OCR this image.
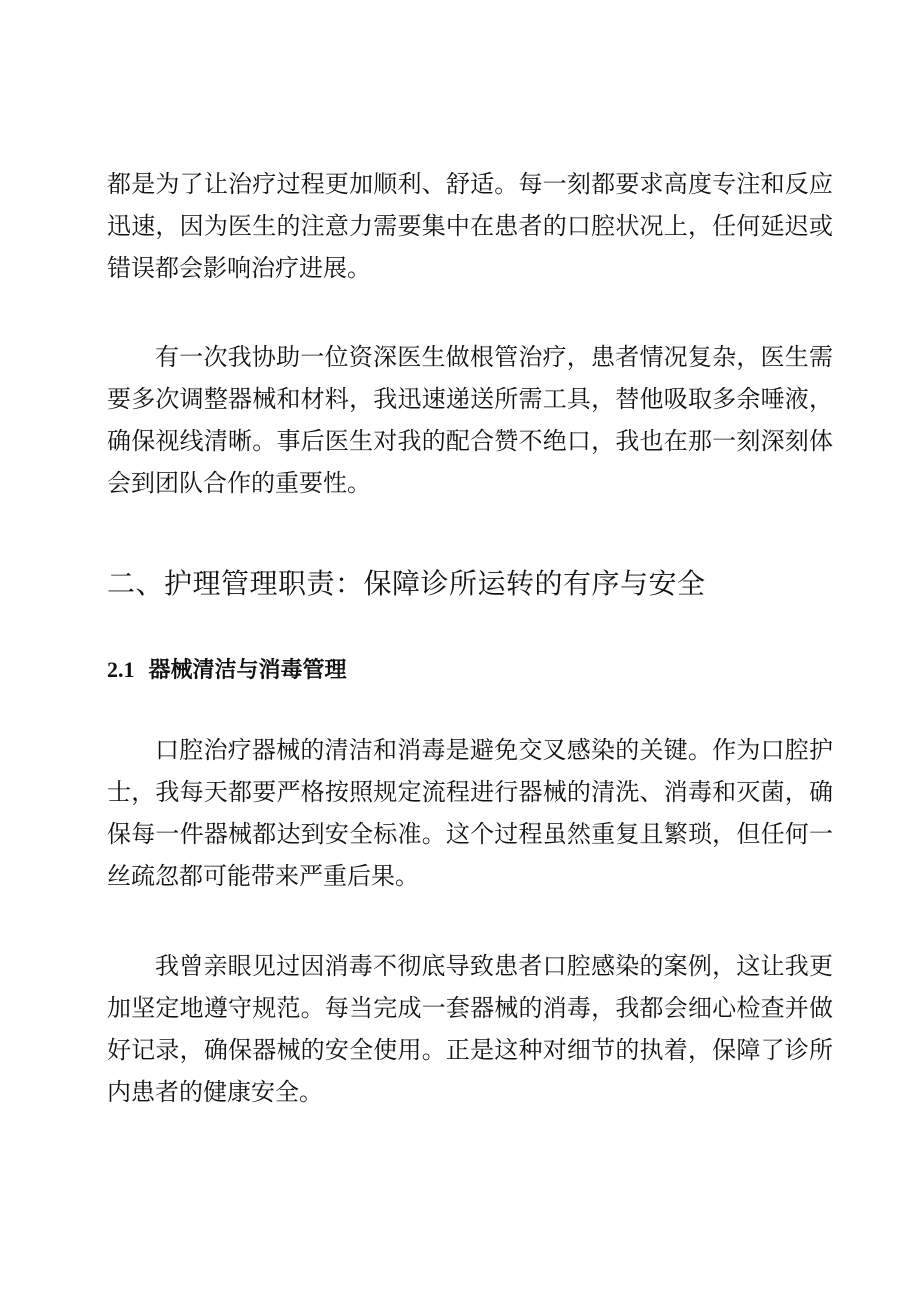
都是为了让治疗过程更加顺利、舒适。每一刻都要求高度专注和反应迅速，因为医生的注意力需要集中在患者的口腔状况上，任何延迟或错误都会影响治疗进展。

有一次我协助一位资深医生做根管治疗，患者情况复杂，医生需要多次调整器械和材料，我迅速递送所需工具，替他吸取多余唾液，确保视线清晰。事后医生对我的配合赞不绝口，我也在那一刻深刻体会到团队合作的重要性。

二、护理管理职责：保障诊所运转的有序与安全
2.1 器械清洁与消毒管理

口腔治疗器械的清洁和消毒是避免交叉感染的关键。作为口腔护士，我每天都要严格按照规定流程进行器械的清洗、消毒和灭菌，确保每一件器械都达到安全标准。这个过程虽然重复且繁琐，但任何一丝疏忽都可能带来严重后果。

我曾亲眼见过因消毒不彻底导致患者口腔感染的案例，这让我更加坚定地遵守规范。每当完成一套器械的消毒，我都会细心检查并做好记录，确保器械的安全使用。正是这种对细节的执着，保障了诊所内患者的健康安全。
